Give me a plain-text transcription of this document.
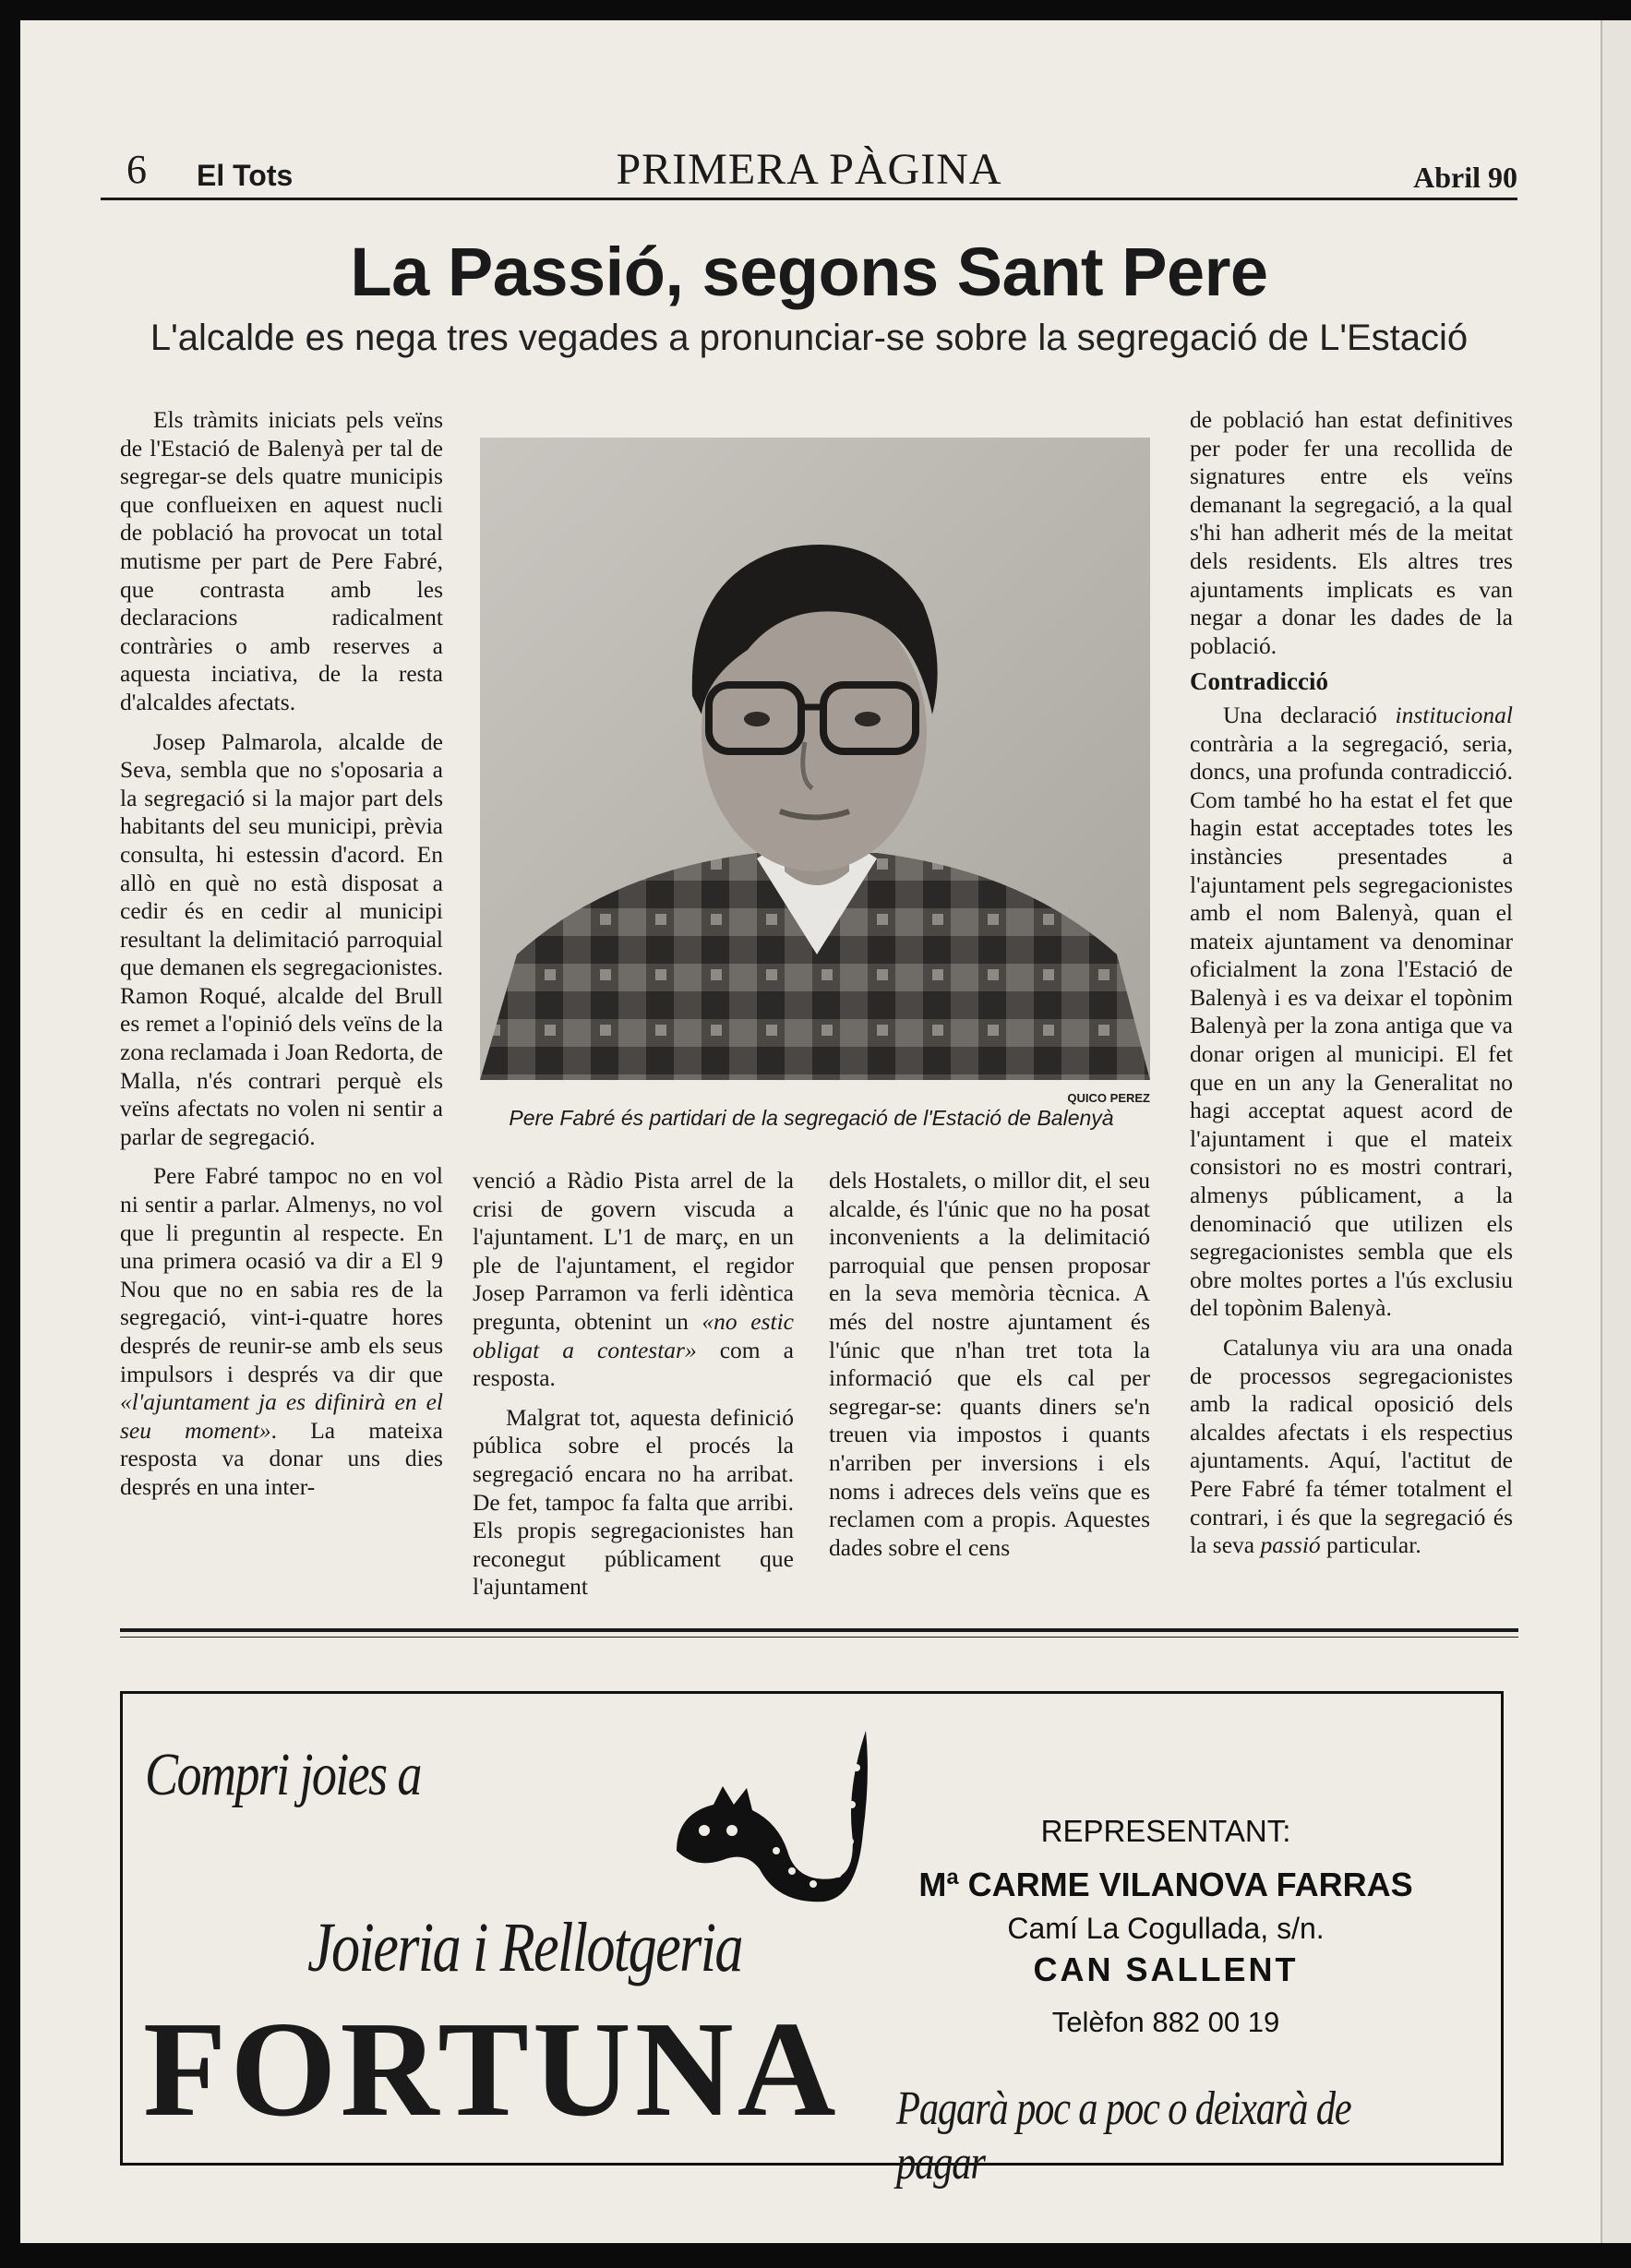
6 El Tots	PRIMERA PÀGINA	Abril 90
La Passió, segons Sant Pere
L'alcalde es nega tres vegades a pronunciar-se sobre la segregació de L'Estació

Els tràmits iniciats pels veïns de l'Estació de Balenyà per tal de segregar-se dels quatre municipis que conflueixen en aquest nucli de població ha provocat un total mutisme per part de Pere Fabré, que contrasta amb les declaracions radicalment contràries o amb reserves a aquesta inciativa, de la resta d'alcaldes afectats.

Josep Palmarola, alcalde de Seva, sembla que no s'oposaria a la segregació si la major part dels habitants del seu municipi, prèvia consulta, hi estessin d'acord. En allò en què no està disposat a cedir és en cedir al municipi resultant la delimitació parroquial que demanen els segregacionistes. Ramon Roqué, alcalde del Brull es remet a l'opinió dels veïns de la zona reclamada i Joan Redorta, de Malla, n'és contrari perquè els veïns afectats no volen ni sentir a parlar de segregació.

Pere Fabré tampoc no en vol ni sentir a parlar. Almenys, no vol que li preguntin al respecte. En una primera ocasió va dir a El 9 Nou que no en sabia res de la segregació, vint-i-quatre hores després de reunir-se amb els seus impulsors i després va dir que «l'ajuntament ja es difinirà en el seu moment». La mateixa resposta va donar uns dies després en una inter-

QUICO PEREZ
Pere Fabré és partidari de la segregació de l'Estació de Balenyà

venció a Ràdio Pista arrel de la crisi de govern viscuda a l'ajuntament. L'1 de març, en un ple de l'ajuntament, el regidor Josep Parramon va ferli idèntica pregunta, obtenint un «no estic obligat a contestar» com a resposta.

Malgrat tot, aquesta definició pública sobre el procés la segregació encara no ha arribat. De fet, tampoc fa falta que arribi. Els propis segregacionistes han reconegut públicament que l'ajuntament

dels Hostalets, o millor dit, el seu alcalde, és l'únic que no ha posat inconvenients a la delimitació parroquial que pensen proposar en la seva memòria tècnica. A més del nostre ajuntament és l'únic que n'han tret tota la informació que els cal per segregar-se: quants diners se'n treuen via impostos i quants n'arriben per inversions i els noms i adreces dels veïns que es reclamen com a propis. Aquestes dades sobre el cens

de població han estat definitives per poder fer una recollida de signatures entre els veïns demanant la segregació, a la qual s'hi han adherit més de la meitat dels residents. Els altres tres ajuntaments implicats es van negar a donar les dades de la població.

Contradicció

Una declaració institucional contrària a la segregació, seria, doncs, una profunda contradicció. Com també ho ha estat el fet que hagin estat acceptades totes les instàncies presentades a l'ajuntament pels segregacionistes amb el nom Balenyà, quan el mateix ajuntament va denominar oficialment la zona l'Estació de Balenyà i es va deixar el topònim Balenyà per la zona antiga que va donar origen al municipi. El fet que en un any la Generalitat no hagi acceptat aquest acord de l'ajuntament i que el mateix consistori no es mostri contrari, almenys públicament, a la denominació que utilizen els segregacionistes sembla que els obre moltes portes a l'ús exclusiu del topònim Balenyà.

Catalunya viu ara una onada de processos segregacionistes amb la radical oposició dels alcaldes afectats i els respectius ajuntaments. Aquí, l'actitut de Pere Fabré fa témer totalment el contrari, i és que la segregació és la seva passió particular.

Compri joies a
Joieria i Rellotgeria
FORTUNA
REPRESENTANT:
Mª CARME VILANOVA FARRAS
Camí La Cogullada, s/n.
CAN SALLENT
Telèfon 882 00 19
Pagarà poc a poc o deixarà de pagar
